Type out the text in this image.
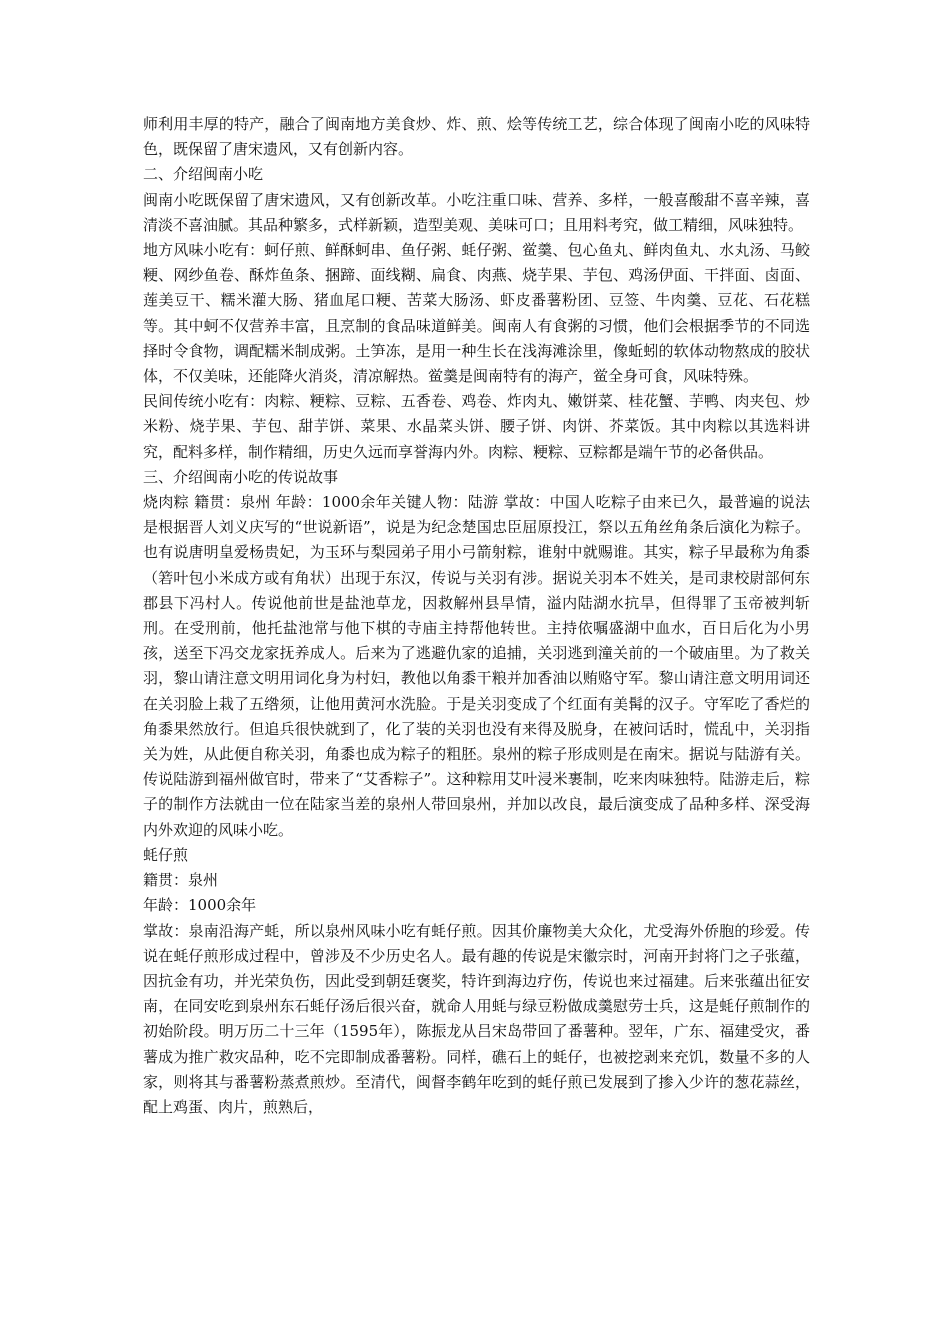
师利用丰厚的特产，融合了闽南地方美食炒、炸、煎、烩等传统工艺，综合体现了闽南小吃的风味特色，既保留了唐宋遗风，又有创新内容。

二、介绍闽南小吃

闽南小吃既保留了唐宋遗风，又有创新改革。小吃注重口味、营养、多样，一般喜酸甜不喜辛辣，喜清淡不喜油腻。其品种繁多，式样新颖，造型美观、美味可口；且用料考究，做工精细，风味独特。

地方风味小吃有：蚵仔煎、鲜酥蚵串、鱼仔粥、蚝仔粥、鲎羹、包心鱼丸、鲜肉鱼丸、水丸汤、马鲛粳、网纱鱼卷、酥炸鱼条、捆蹄、面线糊、扁食、肉燕、烧芋果、芋包、鸡汤伊面、干拌面、卤面、莲美豆干、糯米灌大肠、猪血尾口粳、苦菜大肠汤、虾皮番薯粉团、豆签、牛肉羹、豆花、石花糕等。其中蚵不仅营养丰富，且烹制的食品味道鲜美。闽南人有食粥的习惯，他们会根据季节的不同选择时令食物，调配糯米制成粥。土笋冻，是用一种生长在浅海滩涂里，像蚯蚓的软体动物熬成的胶状体，不仅美味，还能降火消炎，清凉解热。鲎羹是闽南特有的海产，鲎全身可食，风味特殊。

民间传统小吃有：肉粽、粳粽、豆粽、五香卷、鸡卷、炸肉丸、嫩饼菜、桂花蟹、芋鸭、肉夹包、炒米粉、烧芋果、芋包、甜芋饼、菜果、水晶菜头饼、腰子饼、肉饼、芥菜饭。其中肉粽以其选料讲究，配料多样，制作精细，历史久远而享誉海内外。肉粽、粳粽、豆粽都是端午节的必备供品。

三、介绍闽南小吃的传说故事

烧肉粽 籍贯：泉州 年龄：1000余年关键人物：陆游 掌故：中国人吃粽子由来已久，最普遍的说法是根据晋人刘义庆写的“世说新语”，说是为纪念楚国忠臣屈原投江，祭以五角丝角条后演化为粽子。也有说唐明皇爱杨贵妃，为玉环与梨园弟子用小弓箭射粽，谁射中就赐谁。其实，粽子早最称为角黍（箬叶包小米成方或有角状）出现于东汉，传说与关羽有涉。据说关羽本不姓关，是司隶校尉部何东郡县下冯村人。传说他前世是盐池草龙，因救解州县旱情，溢内陆湖水抗旱，但得罪了玉帝被判斩刑。在受刑前，他托盐池常与他下棋的寺庙主持帮他转世。主持依嘱盛湖中血水，百日后化为小男孩，送至下冯交龙家抚养成人。后来为了逃避仇家的追捕，关羽逃到潼关前的一个破庙里。为了救关羽，黎山请注意文明用词化身为村妇，教他以角黍干粮并加香油以贿赂守军。黎山请注意文明用词还在关羽脸上栽了五绺须，让他用黄河水洗脸。于是关羽变成了个红面有美髯的汉子。守军吃了香烂的角黍果然放行。但追兵很快就到了，化了装的关羽也没有来得及脱身，在被问话时，慌乱中，关羽指关为姓，从此便自称关羽，角黍也成为粽子的粗胚。泉州的粽子形成则是在南宋。据说与陆游有关。传说陆游到福州做官时，带来了“艾香粽子”。这种粽用艾叶浸米裹制，吃来肉味独特。陆游走后，粽子的制作方法就由一位在陆家当差的泉州人带回泉州，并加以改良，最后演变成了品种多样、深受海内外欢迎的风味小吃。

蚝仔煎

籍贯：泉州

年龄：1000余年

掌故：泉南沿海产蚝，所以泉州风味小吃有蚝仔煎。因其价廉物美大众化，尤受海外侨胞的珍爱。传说在蚝仔煎形成过程中，曾涉及不少历史名人。最有趣的传说是宋徽宗时，河南开封将门之子张蕴，因抗金有功，并光荣负伤，因此受到朝廷褒奖，特许到海边疗伤，传说也来过福建。后来张蕴出征安南，在同安吃到泉州东石蚝仔汤后很兴奋，就命人用蚝与绿豆粉做成羹慰劳士兵，这是蚝仔煎制作的初始阶段。明万历二十三年（1595年），陈振龙从吕宋岛带回了番薯种。翌年，广东、福建受灾，番薯成为推广救灾品种，吃不完即制成番薯粉。同样，礁石上的蚝仔，也被挖剥来充饥，数量不多的人家，则将其与番薯粉蒸煮煎炒。至清代，闽督李鹤年吃到的蚝仔煎已发展到了掺入少许的葱花蒜丝，配上鸡蛋、肉片，煎熟后，
